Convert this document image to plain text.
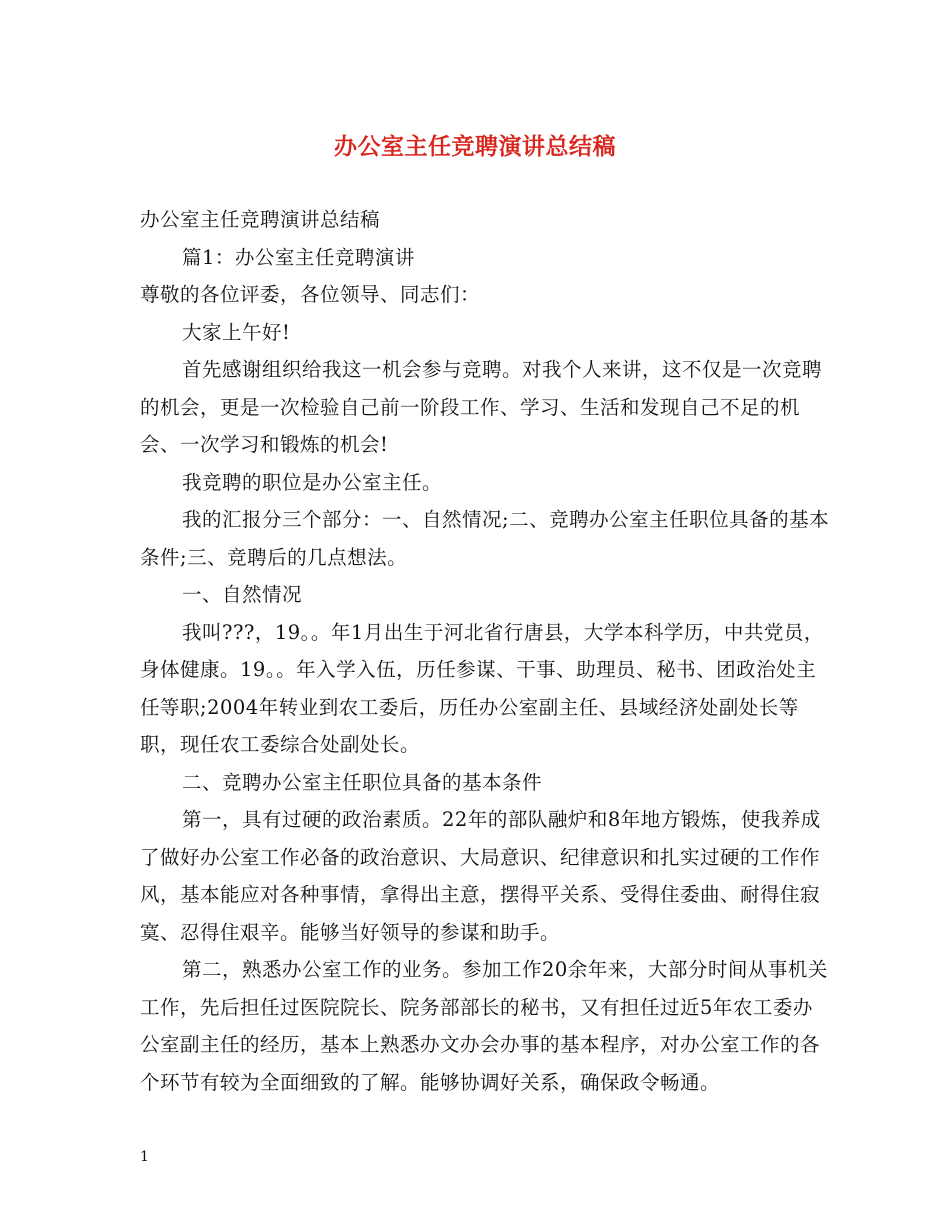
办公室主任竞聘演讲总结稿

办公室主任竞聘演讲总结稿

篇1：办公室主任竞聘演讲

尊敬的各位评委，各位领导、同志们：

大家上午好!

首先感谢组织给我这一机会参与竞聘。对我个人来讲，这不仅是一次竞聘的机会，更是一次检验自己前一阶段工作、学习、生活和发现自己不足的机会、一次学习和锻炼的机会!

我竞聘的职位是办公室主任。

我的汇报分三个部分：一、自然情况;二、竞聘办公室主任职位具备的基本条件;三、竞聘后的几点想法。

一、自然情况

我叫???，19。。年1月出生于河北省行唐县，大学本科学历，中共党员，身体健康。19。。年入学入伍，历任参谋、干事、助理员、秘书、团政治处主任等职;2004年转业到农工委后，历任办公室副主任、县域经济处副处长等职，现任农工委综合处副处长。

二、竞聘办公室主任职位具备的基本条件

第一，具有过硬的政治素质。22年的部队融炉和8年地方锻炼，使我养成了做好办公室工作必备的政治意识、大局意识、纪律意识和扎实过硬的工作作风，基本能应对各种事情，拿得出主意，摆得平关系、受得住委曲、耐得住寂寞、忍得住艰辛。能够当好领导的参谋和助手。

第二，熟悉办公室工作的业务。参加工作20余年来，大部分时间从事机关工作，先后担任过医院院长、院务部部长的秘书，又有担任过近5年农工委办公室副主任的经历，基本上熟悉办文办会办事的基本程序，对办公室工作的各个环节有较为全面细致的了解。能够协调好关系，确保政令畅通。

1
